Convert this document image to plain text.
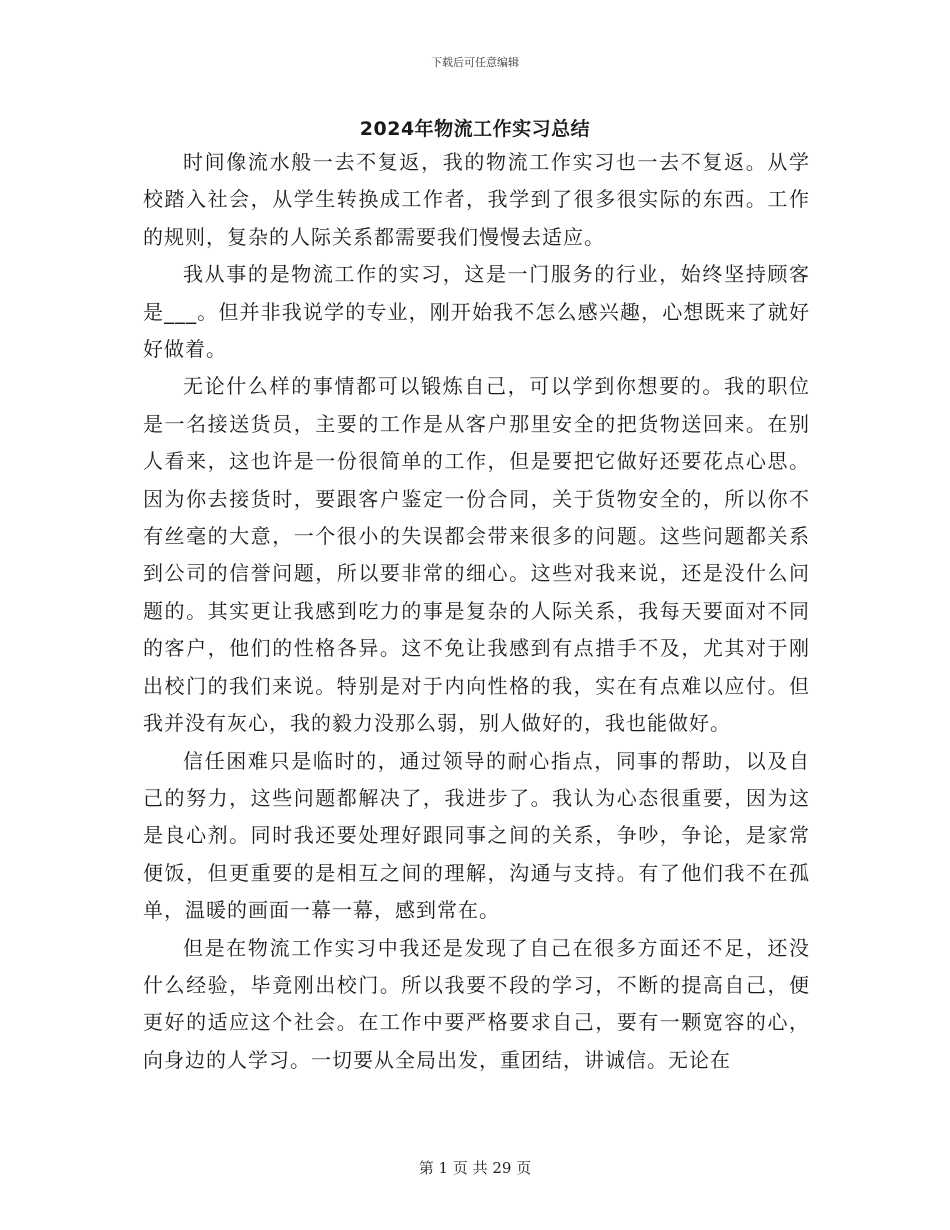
下载后可任意编辑
2024年物流工作实习总结

时间像流水般一去不复返，我的物流工作实习也一去不复返。从学校踏入社会，从学生转换成工作者，我学到了很多很实际的东西。工作的规则，复杂的人际关系都需要我们慢慢去适应。

我从事的是物流工作的实习，这是一门服务的行业，始终坚持顾客是___。但并非我说学的专业，刚开始我不怎么感兴趣，心想既来了就好好做着。

无论什么样的事情都可以锻炼自己，可以学到你想要的。我的职位是一名接送货员，主要的工作是从客户那里安全的把货物送回来。在别人看来，这也许是一份很简单的工作，但是要把它做好还要花点心思。因为你去接货时，要跟客户鉴定一份合同，关于货物安全的，所以你不有丝毫的大意，一个很小的失误都会带来很多的问题。这些问题都关系到公司的信誉问题，所以要非常的细心。这些对我来说，还是没什么问题的。其实更让我感到吃力的事是复杂的人际关系，我每天要面对不同的客户，他们的性格各异。这不免让我感到有点措手不及，尤其对于刚出校门的我们来说。特别是对于内向性格的我，实在有点难以应付。但我并没有灰心，我的毅力没那么弱，别人做好的，我也能做好。

信任困难只是临时的，通过领导的耐心指点，同事的帮助，以及自己的努力，这些问题都解决了，我进步了。我认为心态很重要，因为这是良心剂。同时我还要处理好跟同事之间的关系，争吵，争论，是家常便饭，但更重要的是相互之间的理解，沟通与支持。有了他们我不在孤单，温暖的画面一幕一幕，感到常在。

但是在物流工作实习中我还是发现了自己在很多方面还不足，还没什么经验，毕竟刚出校门。所以我要不段的学习，不断的提高自己，便更好的适应这个社会。在工作中要严格要求自己，要有一颗宽容的心，向身边的人学习。一切要从全局出发，重团结，讲诚信。无论在

第 1 页 共 29 页
